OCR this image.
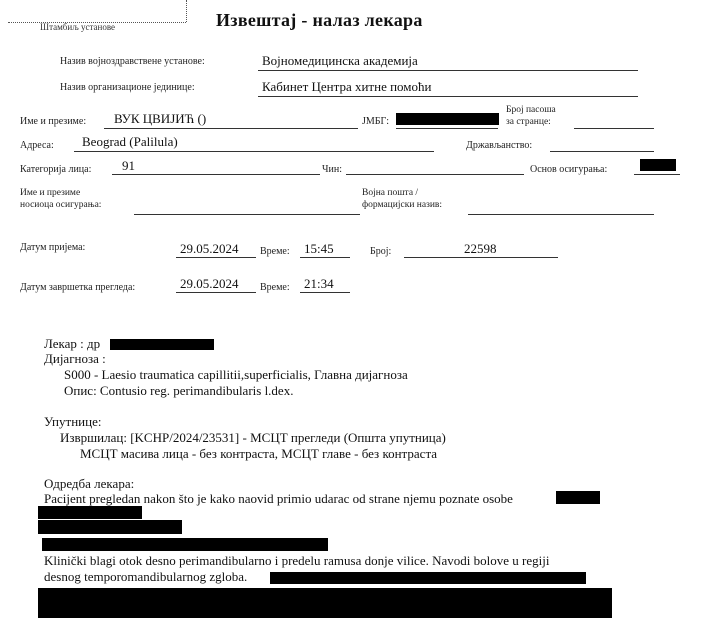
Штамбиљ установе	Извештај - налаз лекара
Назив војноздравствене установе:	Војномедицинска академија
Назив организационе јединице:	Кабинет Центра хитне помоћи
Име и презиме: ВУК ЦВИЈИЋ ()	ЈМБГ:
Број пасоша
за странце:
Адреса: Beograd (Palilula)	Држављанство:
Категорија лица: 91	Чин:	Основ осигурања:
Име и презиме
носиоца осигурања:
Војна пошта /
формацијски назив:
Датум пријема:	29.05.2024 Време: 15:45	Број:	22598
Датум завршетка прегледа:	29.05.2024 Време: 21:34
Лекар : др
Дијагноза :
S000 - Laesio traumatica capillitii,superficialis, Главна дијагноза
Опис: Contusio reg. perimandibularis l.dex.
Упутнице:
Извршилац: [KCHP/2024/23531] - МСЦТ прегледи (Општа упутница)
МСЦТ масива лица - без контраста, МСЦТ главе - без контраста
Одредба лекара:
Pacijent pregledan nakon što je kako naovid primio udarac od strane njemu poznate osobe
Klinički blagi otok desno perimandibularno i predelu ramusa donje vilice. Navodi bolove u regiji
desnog temporomandibularnog zgloba.
